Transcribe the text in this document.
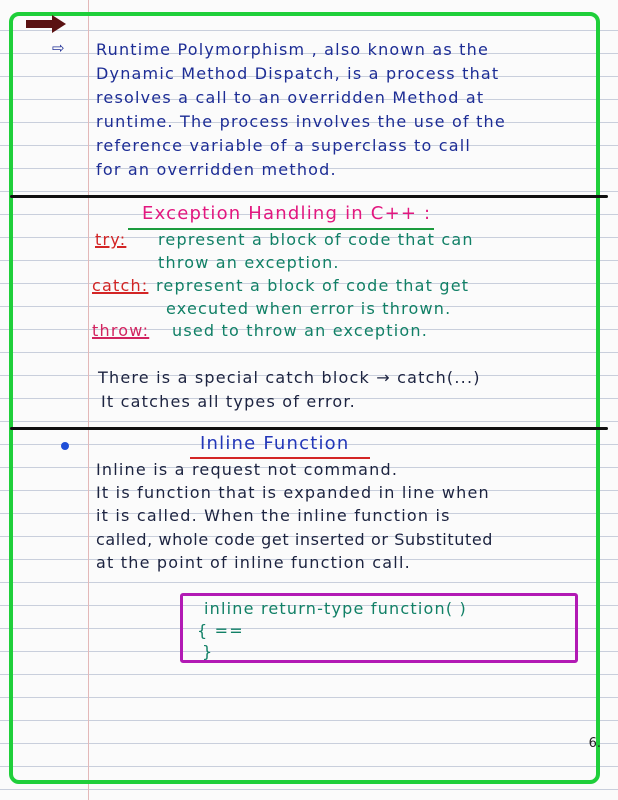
⇨ Runtime Polymorphism , also known as the
Dynamic Method Dispatch, is a process that
resolves a call to an overridden Method at
runtime. The process involves the use of the
reference variable of a superclass to call
for an overridden method.
Exception Handling in C++ :
try: represent a block of code that can
throw an exception.
catch: represent a block of code that get
executed when error is thrown.
throw: used to throw an exception.
There is a special catch block → catch(...)
It catches all types of error.
Inline Function
Inline is a request not command.
It is function that is expanded in line when
it is called. When the inline function is
called, whole code get inserted or Substituted
at the point of inline function call.
inline return-type function( )
{ ==
}
6.
